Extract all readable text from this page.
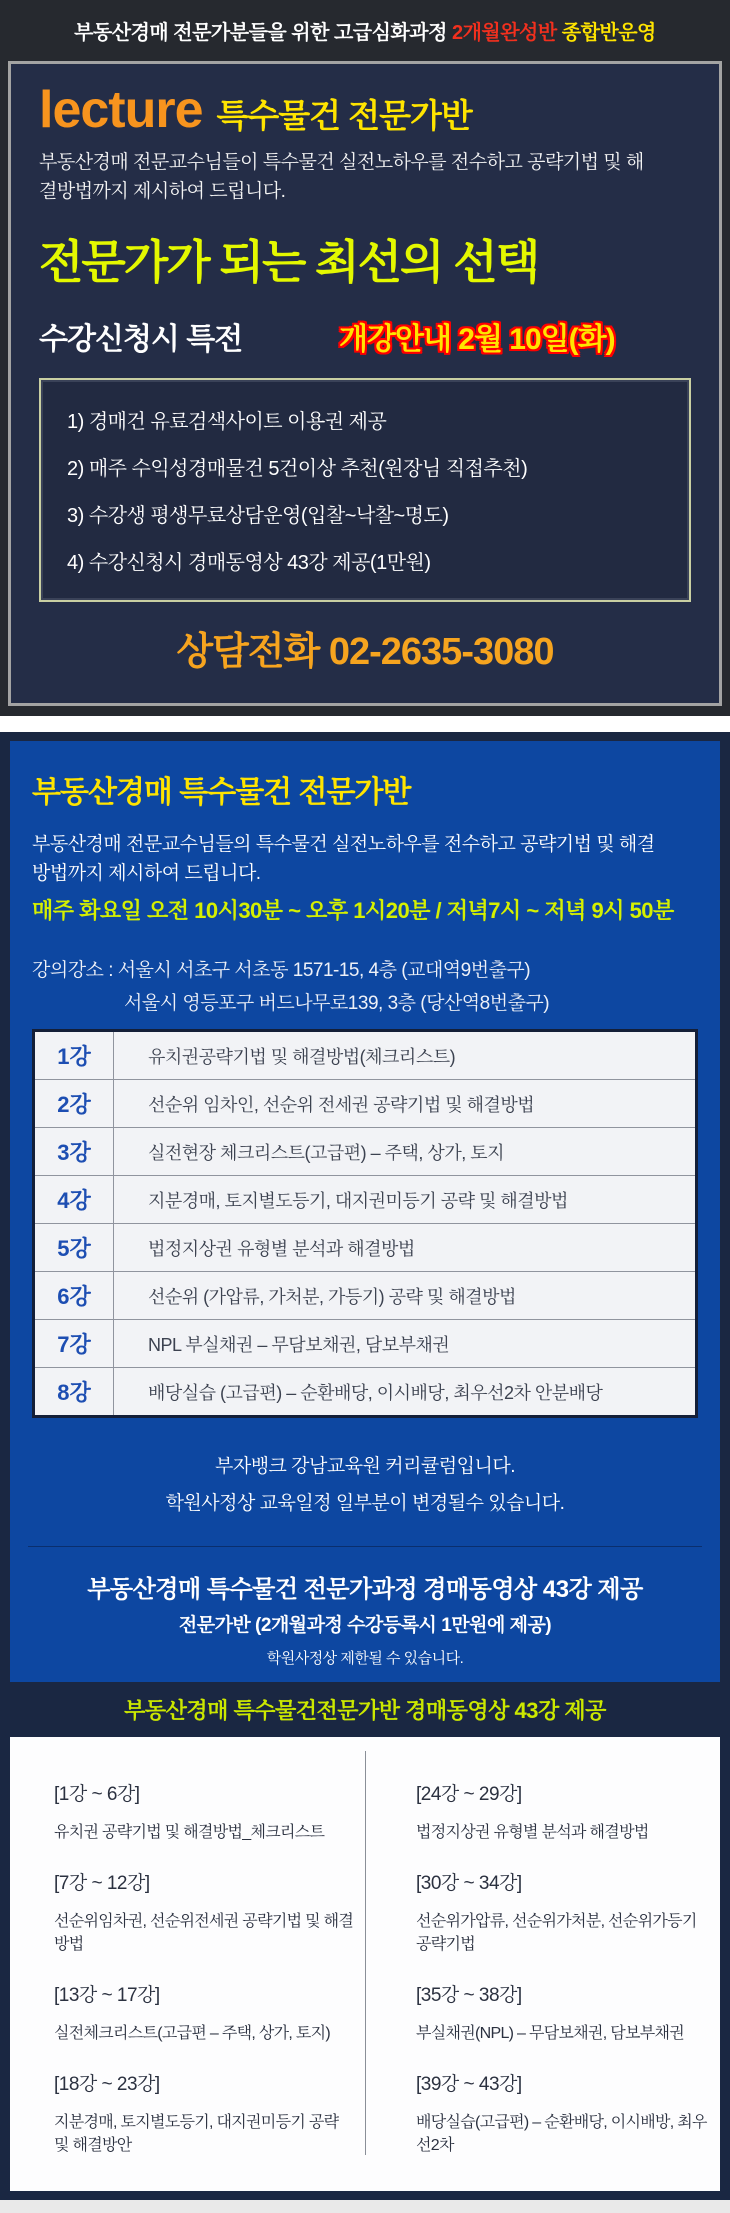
부동산경매 전문가분들을 위한 고급심화과정 2개월완성반 종합반운영
lecture 특수물건 전문가반
부동산경매 전문교수님들이 특수물건 실전노하우를 전수하고 공략기법 및 해결방법까지 제시하여 드립니다.
전문가가 되는 최선의 선택
수강신청시 특전	개강안내 2월 10일(화)
1) 경매건 유료검색사이트 이용권 제공
2) 매주 수익성경매물건 5건이상 추천(원장님 직접추천)
3) 수강생 평생무료상담운영(입찰~낙찰~명도)
4) 수강신청시 경매동영상 43강 제공(1만원)
상담전화 02-2635-3080
부동산경매 특수물건 전문가반
부동산경매 전문교수님들의 특수물건 실전노하우를 전수하고 공략기법 및 해결방법까지 제시하여 드립니다.
매주 화요일 오전 10시30분 ~ 오후 1시20분 / 저녁7시 ~ 저녁 9시 50분
강의강소 : 서울시 서초구 서초동 1571-15, 4층 (교대역9번출구)
서울시 영등포구 버드나무로139, 3층 (당산역8번출구)
1강	유치권공략기법 및 해결방법(체크리스트)
2강	선순위 임차인, 선순위 전세권 공략기법 및 해결방법
3강	실전현장 체크리스트(고급편) – 주택, 상가, 토지
4강	지분경매, 토지별도등기, 대지권미등기 공략 및 해결방법
5강	법정지상권 유형별 분석과 해결방법
6강	선순위 (가압류, 가처분, 가등기) 공략 및 해결방법
7강	NPL 부실채권 – 무담보채권, 담보부채권
8강	배당실습 (고급편) – 순환배당, 이시배당, 최우선2차 안분배당
부자뱅크 강남교육원 커리큘럼입니다.
학원사정상 교육일정 일부분이 변경될수 있습니다.
부동산경매 특수물건 전문가과정 경매동영상 43강 제공
전문가반 (2개월과정 수강등록시 1만원에 제공)
학원사정상 제한될 수 있습니다.
부동산경매 특수물건전문가반 경매동영상 43강 제공
[1강 ~ 6강]
유치권 공략기법 및 해결방법_체크리스트
[7강 ~ 12강]
선순위임차권, 선순위전세권 공략기법 및 해결방법
[13강 ~ 17강]
실전체크리스트(고급편 – 주택, 상가, 토지)
[18강 ~ 23강]
지분경매, 토지별도등기, 대지권미등기 공략 및 해결방안
[24강 ~ 29강]
법정지상권 유형별 분석과 해결방법
[30강 ~ 34강]
선순위가압류, 선순위가처분, 선순위가등기 공략기법
[35강 ~ 38강]
부실채권(NPL) – 무담보채권, 담보부채권
[39강 ~ 43강]
배당실습(고급편) – 순환배당, 이시배방, 최우선2차
